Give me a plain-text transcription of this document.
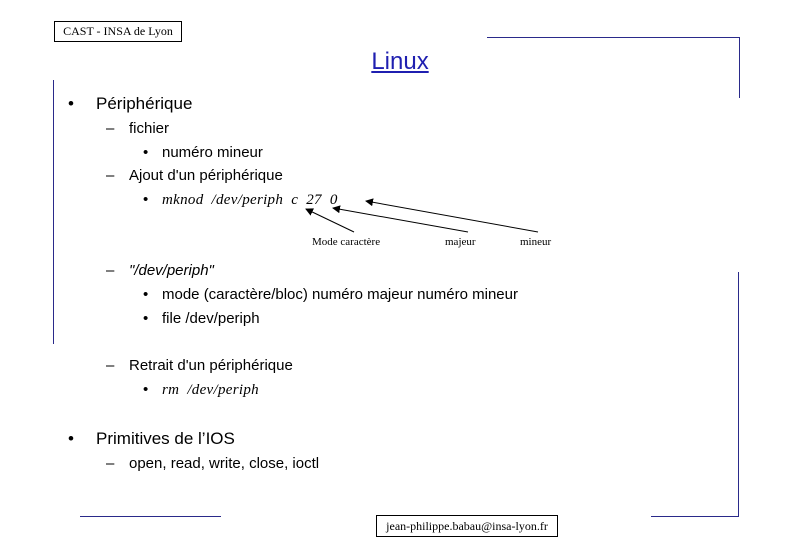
CAST - INSA de Lyon
Linux
• Périphérique
– fichier
• numéro mineur
– Ajout d'un périphérique
• mknod /dev/periph c 27 0
Mode caractère	majeur	mineur
– "/dev/periph"
• mode (caractère/bloc) numéro majeur numéro mineur
• file /dev/periph
– Retrait d'un périphérique
• rm /dev/periph
• Primitives de l’IOS
– open, read, write, close, ioctl
jean-philippe.babau@insa-lyon.fr
